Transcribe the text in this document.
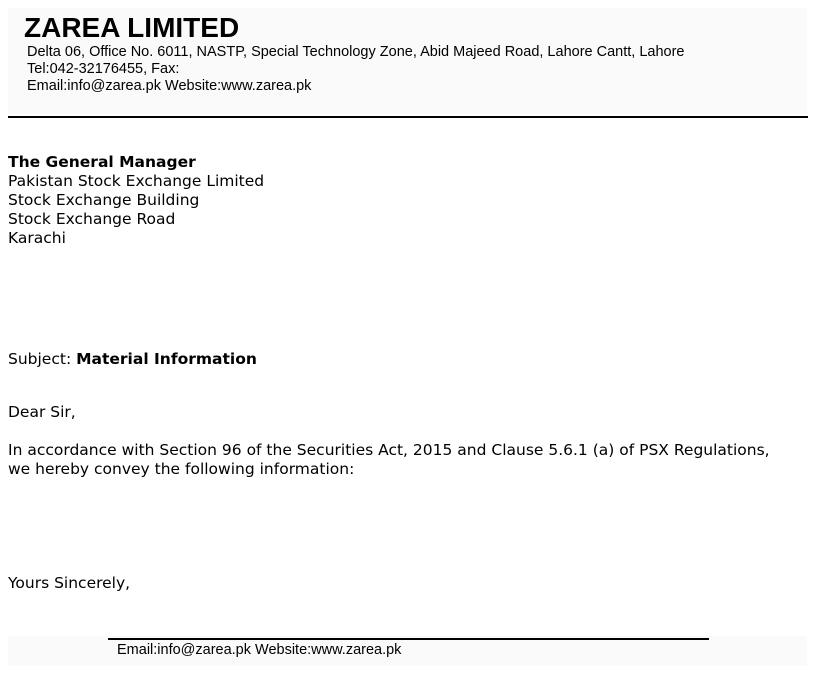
ZAREA LIMITED
Delta 06, Office No. 6011, NASTP, Special Technology Zone, Abid Majeed Road, Lahore Cantt, Lahore
Tel:042-32176455, Fax:
Email:info@zarea.pk Website:www.zarea.pk
The General Manager
Pakistan Stock Exchange Limited
Stock Exchange Building
Stock Exchange Road
Karachi
Subject: Material Information
Dear Sir,
In accordance with Section 96 of the Securities Act, 2015 and Clause 5.6.1 (a) of PSX Regulations,
we hereby convey the following information:
Yours Sincerely,
Email:info@zarea.pk Website:www.zarea.pk
